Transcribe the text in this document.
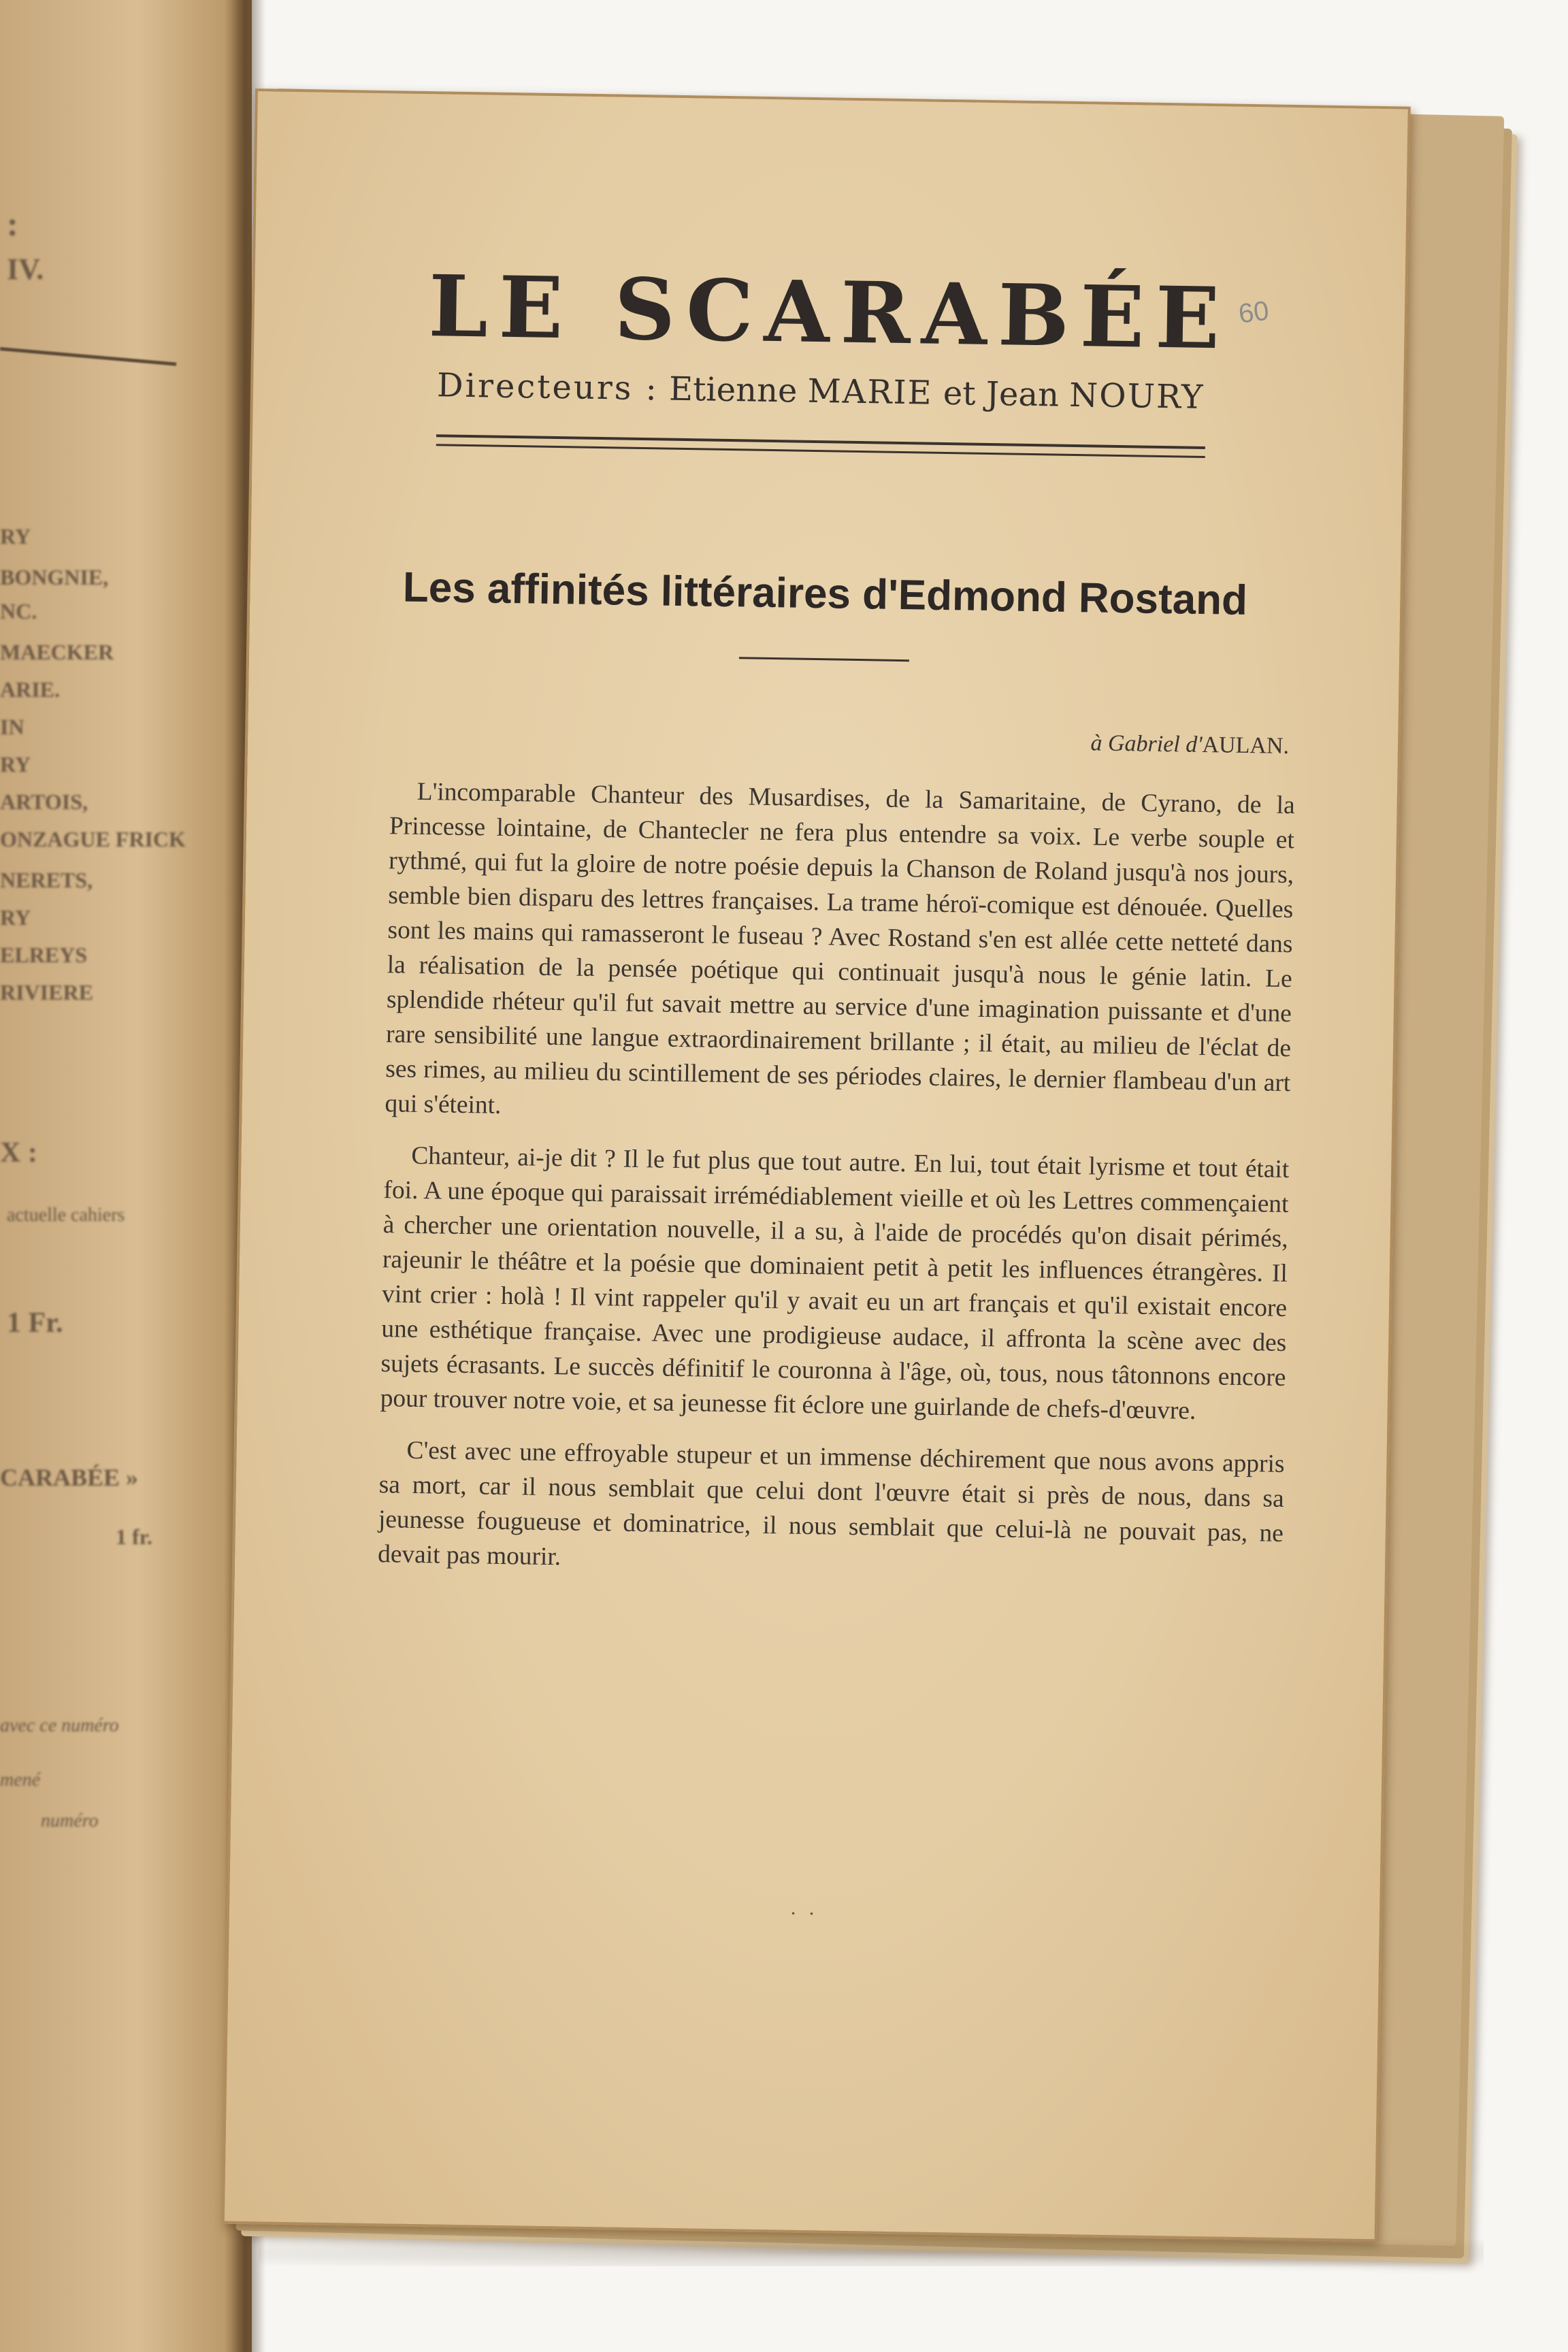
:
IV.
RY
BONGNIE,
NC.
MAECKER
ARIE.
IN
RY
ARTOIS,
ONZAGUE FRICK
NERETS,
RY
ELREYS
RIVIERE
X :
actuelle cahiers
1 Fr.
CARABÉE »
1 fr.
avec ce numéro
mené
numéro
LE SCARABÉE 60
Directeurs : Etienne MARIE et Jean NOURY
Les affinités littéraires d'Edmond Rostand
à Gabriel d'AULAN.

L'incomparable Chanteur des Musardises, de la Samaritaine, de Cyrano, de la Princesse lointaine, de Chantecler ne fera plus entendre sa voix. Le verbe souple et rythmé, qui fut la gloire de notre poésie depuis la Chanson de Roland jusqu'à nos jours, semble bien disparu des lettres françaises. La trame héroï-comique est dénouée. Quelles sont les mains qui ramasseront le fuseau ? Avec Rostand s'en est allée cette netteté dans la réalisation de la pensée poétique qui continuait jusqu'à nous le génie latin. Le splendide rhéteur qu'il fut savait mettre au service d'une imagination puissante et d'une rare sensibilité une langue extraordinairement brillante ; il était, au milieu de l'éclat de ses rimes, au milieu du scintillement de ses périodes claires, le dernier flambeau d'un art qui s'éteint.

Chanteur, ai-je dit ? Il le fut plus que tout autre. En lui, tout était lyrisme et tout était foi. A une époque qui paraissait irrémédiablement vieille et où les Lettres commençaient à chercher une orientation nouvelle, il a su, à l'aide de procédés qu'on disait périmés, rajeunir le théâtre et la poésie que dominaient petit à petit les influences étrangères. Il vint crier : holà ! Il vint rappeler qu'il y avait eu un art français et qu'il existait encore une esthétique française. Avec une prodigieuse audace, il affronta la scène avec des sujets écrasants. Le succès définitif le couronna à l'âge, où, tous, nous tâtonnons encore pour trouver notre voie, et sa jeunesse fit éclore une guirlande de chefs-d'œuvre.

C'est avec une effroyable stupeur et un immense déchirement que nous avons appris sa mort, car il nous semblait que celui dont l'œuvre était si près de nous, dans sa jeunesse fougueuse et dominatrice, il nous semblait que celui-là ne pouvait pas, ne devait pas mourir.

. .
